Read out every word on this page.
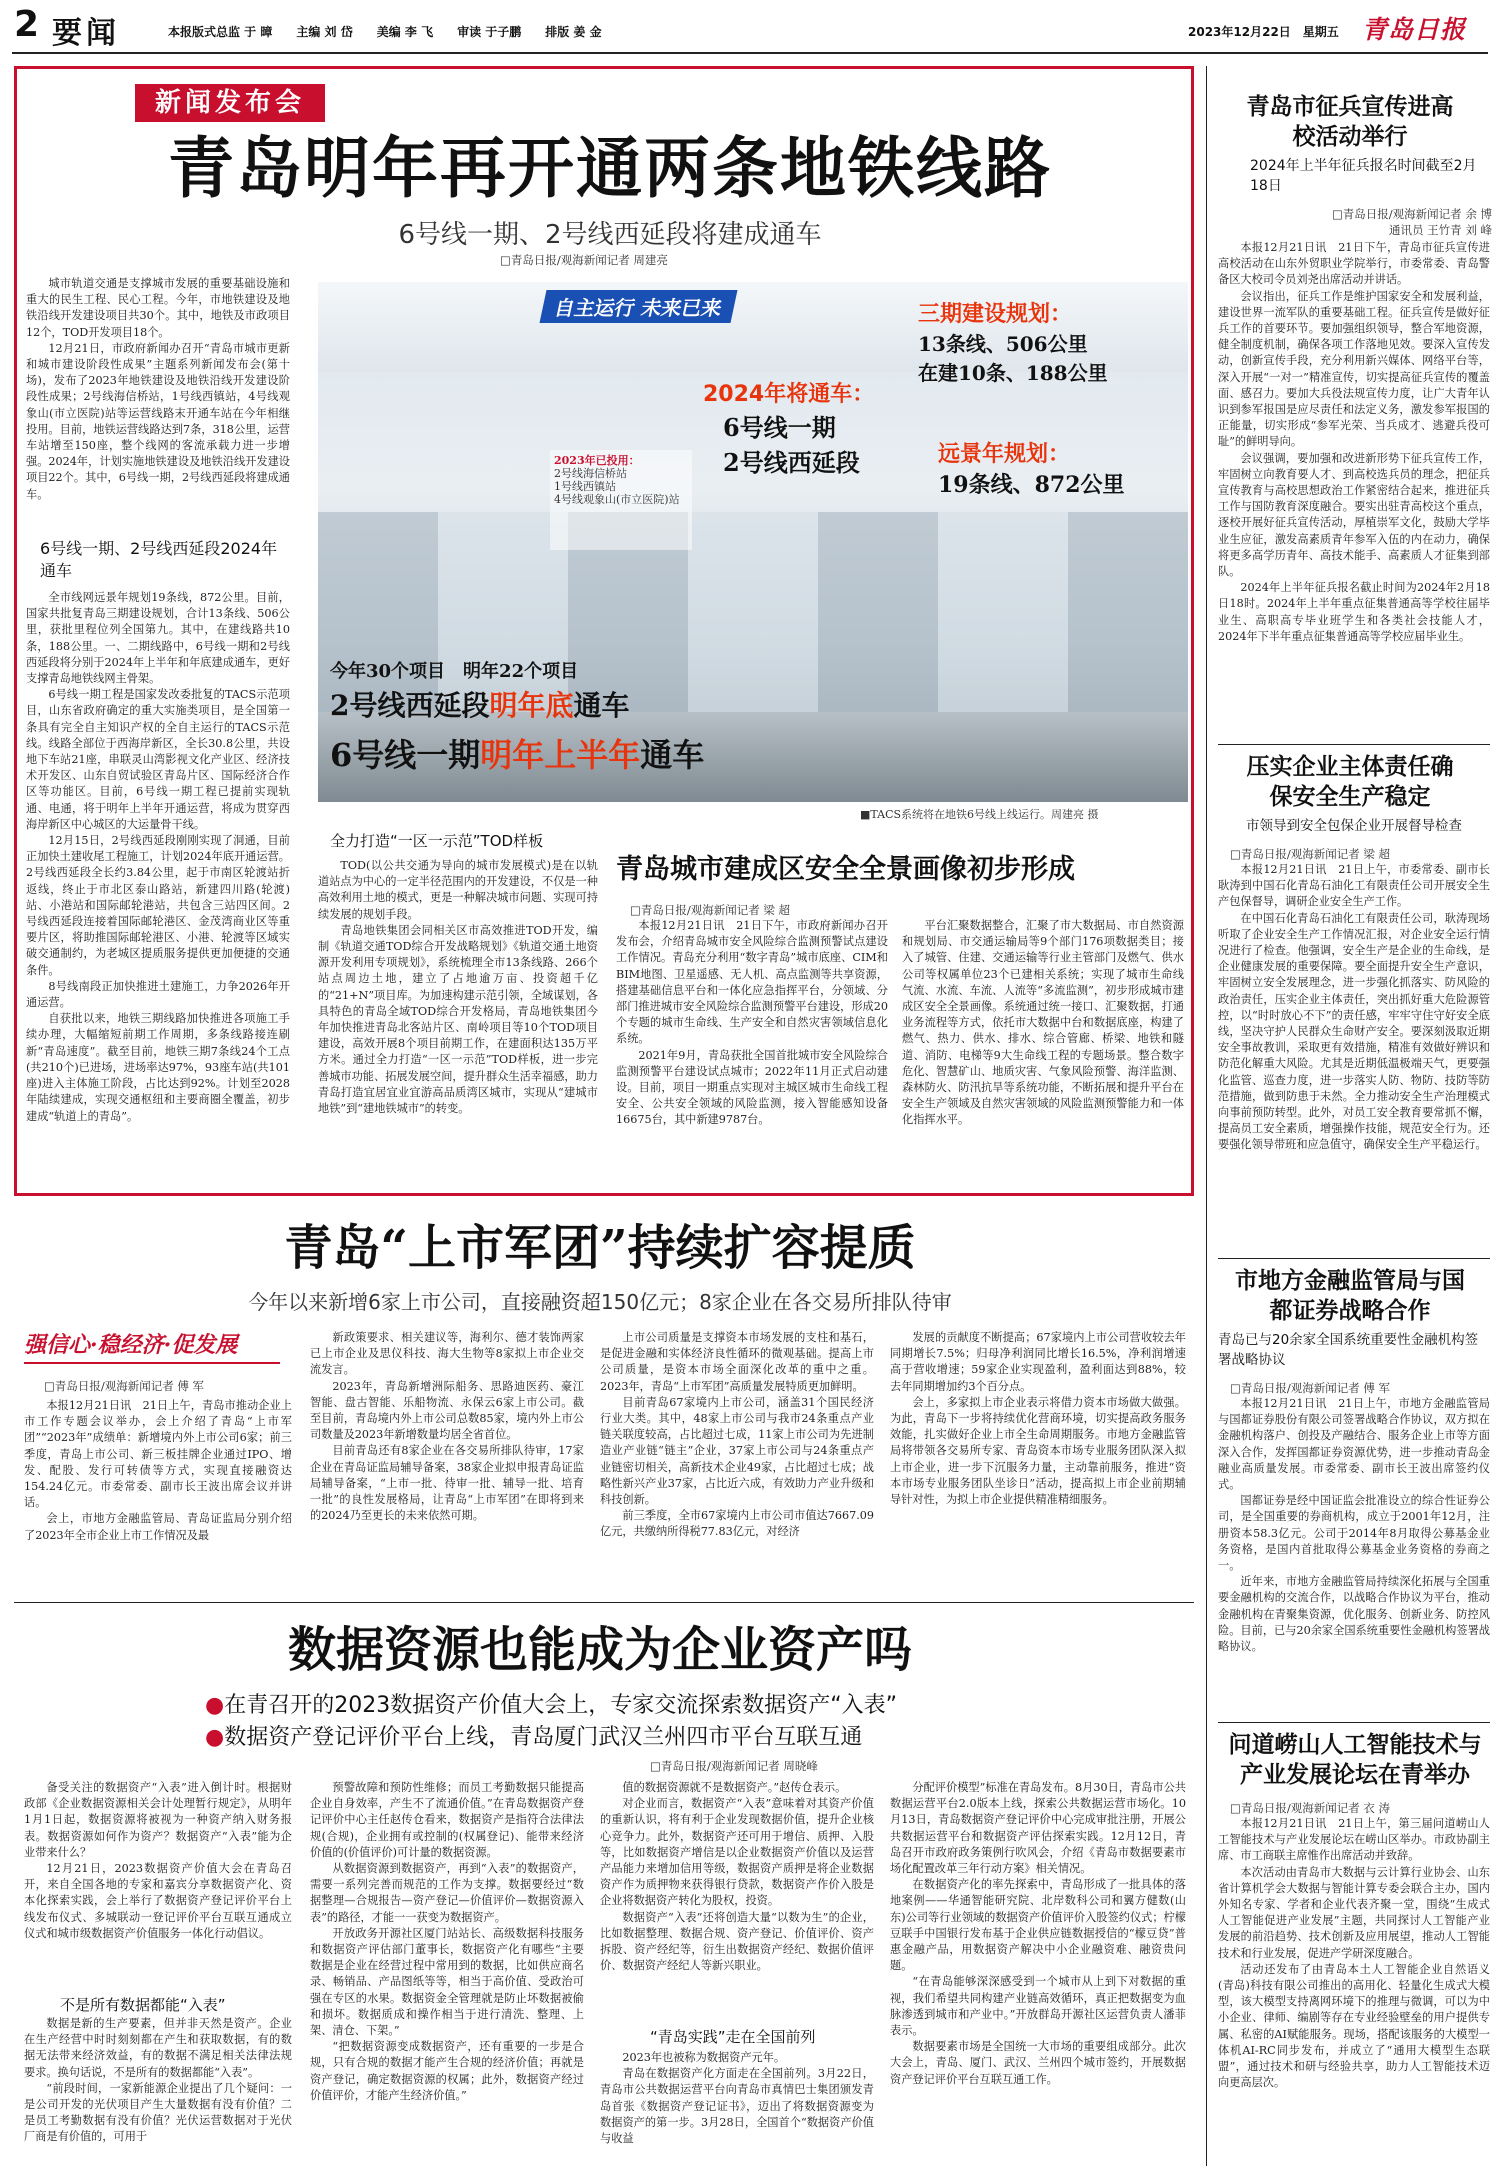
2 要闻	本报版式总监 于 暲　　主编 刘 岱　　美编 李 飞　　审读 于子鹏　　排版 姜 金	2023年12月22日　星期五 青岛日报
新闻发布会
青岛明年再开通两条地铁线路
6号线一期、2号线西延段将建成通车
□青岛日报/观海新闻记者 周建亮

城市轨道交通是支撑城市发展的重要基础设施和重大的民生工程、民心工程。今年，市地铁建设及地铁沿线开发建设项目共30个。其中，地铁及市政项目12个，TOD开发项目18个。

12月21日，市政府新闻办召开“青岛市城市更新和城市建设阶段性成果”主题系列新闻发布会(第十场)，发布了2023年地铁建设及地铁沿线开发建设阶段性成果；2号线海信桥站，1号线西镇站，4号线观象山(市立医院)站等运营线路末开通车站在今年相继投用。目前，地铁运营线路达到7条，318公里，运营车站增至150座，整个线网的客流承载力进一步增强。2024年，计划实施地铁建设及地铁沿线开发建设项目22个。其中，6号线一期，2号线西延段将建成通车。

6号线一期、2号线西延段2024年通车

全市线网远景年规划19条线，872公里。目前，国家共批复青岛三期建设规划，合计13条线、506公里，获批里程位列全国第九。其中，在建线路共10条，188公里。一、二期线路中，6号线一期和2号线西延段将分别于2024年上半年和年底建成通车，更好支撑青岛地铁线网主骨架。

6号线一期工程是国家发改委批复的TACS示范项目，山东省政府确定的重大实施类项目，是全国第一条具有完全自主知识产权的全自主运行的TACS示范线。线路全部位于西海岸新区，全长30.8公里，共设地下车站21座，串联灵山湾影视文化产业区、经济技术开发区、山东自贸试验区青岛片区、国际经济合作区等功能区。目前，6号线一期工程已提前实现轨通、电通，将于明年上半年开通运营，将成为贯穿西海岸新区中心城区的大运量骨干线。

12月15日，2号线西延段刚刚实现了洞通，目前正加快土建收尾工程施工，计划2024年底开通运营。2号线西延段全长约3.84公里，起于市南区轮渡站折返线，终止于市北区泰山路站，新建四川路(轮渡)站、小港站和国际邮轮港站，共包含三站四区间。2号线西延段连接着国际邮轮港区、金茂湾商业区等重要片区，将助推国际邮轮港区、小港、轮渡等区域实破交通制约，为老城区提质服务提供更加便捷的交通条件。

8号线南段正加快推进土建施工，力争2026年开通运营。

自获批以来，地铁三期线路加快推进各项施工手续办理，大幅缩短前期工作周期，多条线路接连刷新“青岛速度”。截至目前，地铁三期7条线24个工点(共210个)已进场，进场率达97%，93座车站(共101座)进入主体施工阶段，占比达到92%。计划至2028年陆续建成，实现交通枢纽和主要商圈全覆盖，初步建成“轨道上的青岛”。

自主运行 未来已来
2023年已投用：
2号线海信桥站
1号线西镇站
4号线观象山(市立医院)站
2024年将通车：
6号线一期
2号线西延段
三期建设规划：
13条线、506公里
在建10条、188公里
远景年规划：
19条线、872公里
今年30个项目　明年22个项目
2号线西延段明年底通车
6号线一期明年上半年通车
■TACS系统将在地铁6号线上线运行。周建亮 摄
全力打造“一区一示范”TOD样板

TOD(以公共交通为导向的城市发展模式)是在以轨道站点为中心的一定半径范围内的开发建设，不仅是一种高效利用土地的模式，更是一种解决城市问题、实现可持续发展的规划手段。

青岛地铁集团会同相关区市高效推进TOD开发，编制《轨道交通TOD综合开发战略规划》《轨道交通土地资源开发利用专项规划》，系统梳理全市13条线路、266个站点周边土地，建立了占地逾万亩、投资超千亿的“21+N”项目库。为加速构建示范引领，全域谋划，各具特色的青岛全域TOD综合开发格局，青岛地铁集团今年加快推进青岛北客站片区、南岭项目等10个TOD项目建设，高效开展8个项目前期工作，在建面积达135万平方米。通过全力打造“一区一示范”TOD样板，进一步完善城市功能、拓展发展空间，提升群众生活幸福感，助力青岛打造宜居宜业宜游高品质湾区城市，实现从“建城市地铁”到“建地铁城市”的转变。

青岛城市建成区安全全景画像初步形成
□青岛日报/观海新闻记者 梁 超

本报12月21日讯　21日下午，市政府新闻办召开发布会，介绍青岛城市安全风险综合监测预警试点建设工作情况。青岛充分利用“数字青岛”城市底座、CIM和BIM地图、卫星遥感、无人机、高点监测等共享资源，搭建基础信息平台和一体化应急指挥平台，分领域、分部门推进城市安全风险综合监测预警平台建设，形成20个专题的城市生命线、生产安全和自然灾害领域信息化系统。

2021年9月，青岛获批全国首批城市安全风险综合监测预警平台建设试点城市；2022年11月正式启动建设。目前，项目一期重点实现对主城区城市生命线工程安全、公共安全领域的风险监测，接入智能感知设备16675台，其中新建9787台。

平台汇聚数据整合，汇聚了市大数据局、市自然资源和规划局、市交通运输局等9个部门176项数据类目；接入了城管、住建、交通运输等行业主管部门及燃气、供水公司等权属单位23个已建相关系统；实现了城市生命线气流、水流、车流、人流等“多流监测”，初步形成城市建成区安全全景画像。系统通过统一接口、汇聚数据，打通业务流程等方式，依托市大数据中台和数据底座，构建了燃气、热力、供水、排水、综合管廊、桥梁、地铁和隧道、消防、电梯等9大生命线工程的专题场景。整合数字危化、智慧矿山、地质灾害、气象风险预警、海洋监测、森林防火、防汛抗旱等系统功能，不断拓展和提升平台在安全生产领域及自然灾害领域的风险监测预警能力和一体化指挥水平。

青岛“上市军团”持续扩容提质
今年以来新增6家上市公司，直接融资超150亿元；8家企业在各交易所排队待审
强信心·稳经济·促发展
□青岛日报/观海新闻记者 傅 军

本报12月21日讯　21日上午，青岛市推动企业上市工作专题会议举办，会上介绍了青岛“上市军团”“2023年”成绩单：新增境内外上市公司6家；前三季度，青岛上市公司、新三板挂牌企业通过IPO、增发、配股、发行可转债等方式，实现直接融资达154.24亿元。市委常委、副市长王波出席会议并讲话。

会上，市地方金融监管局、青岛证监局分别介绍了2023年全市企业上市工作情况及最

新政策要求、相关建议等，海利尔、德才装饰两家已上市企业及思仪科技、海大生物等8家拟上市企业交流发言。

2023年，青岛新增洲际船务、思路迪医药、豪江智能、盘古智能、乐船物流、永保云6家上市公司。截至目前，青岛境内外上市公司总数85家，境内外上市公司数量及2023年新增数量均居全省首位。

目前青岛还有8家企业在各交易所排队待审，17家企业在青岛证监局辅导备案，38家企业拟申报青岛证监局辅导备案，“上市一批、待审一批、辅导一批、培育一批”的良性发展格局，让青岛“上市军团”在即将到来的2024乃至更长的未来依然可期。

上市公司质量是支撑资本市场发展的支柱和基石，是促进金融和实体经济良性循环的微观基础。提高上市公司质量，是资本市场全面深化改革的重中之重。2023年，青岛“上市军团”高质量发展特质更加鲜明。

目前青岛67家境内上市公司，涵盖31个国民经济行业大类。其中，48家上市公司与我市24条重点产业链关联度较高，占比超过七成，11家上市公司为先进制造业产业链“链主”企业，37家上市公司与24条重点产业链密切相关，高新技术企业49家，占比超过七成；战略性新兴产业37家，占比近六成，有效助力产业升级和科技创新。

前三季度，全市67家境内上市公司市值达7667.09亿元，共缴纳所得税77.83亿元，对经济

发展的贡献度不断提高；67家境内上市公司营收较去年同期增长7.5%；归母净利润同比增长16.5%，净利润增速高于营收增速；59家企业实现盈利，盈利面达到88%，较去年同期增加约3个百分点。

会上，多家拟上市企业表示将借力资本市场做大做强。为此，青岛下一步将持续优化营商环境，切实提高政务服务效能，扎实做好企业上市全生命周期服务。市地方金融监管局将带领各交易所专家、青岛资本市场专业服务团队深入拟上市企业，进一步下沉服务力量，主动靠前服务，推进“资本市场专业服务团队坐诊日”活动，提高拟上市企业前期辅导针对性，为拟上市企业提供精准精细服务。

数据资源也能成为企业资产吗
●在青召开的2023数据资产价值大会上，专家交流探索数据资产“入表”
●数据资产登记评价平台上线，青岛厦门武汉兰州四市平台互联互通
□青岛日报/观海新闻记者 周晓峰

备受关注的数据资产“入表”进入倒计时。根据财政部《企业数据资源相关会计处理暂行规定》，从明年1月1日起，数据资源将被视为一种资产纳入财务报表。数据资源如何作为资产？数据资产“入表”能为企业带来什么？

12月21日，2023数据资产价值大会在青岛召开，来自全国各地的专家和嘉宾分享数据资产化、资本化探索实践，会上举行了数据资产登记评价平台上线发布仪式、多城联动一登记评价平台互联互通成立仪式和城市级数据资产价值服务一体化行动倡议。

不是所有数据都能“入表”

数据是新的生产要素，但并非天然是资产。企业在生产经营中时时刻刻都在产生和获取数据，有的数据无法带来经济效益，有的数据不满足相关法律法规要求。换句话说，不是所有的数据都能“入表”。

“前段时间，一家新能源企业提出了几个疑问：一是公司开发的光伏项目产生大量数据有没有价值？二是员工考勤数据有没有价值？光伏运营数据对于光伏厂商是有价值的，可用于

预警故障和预防性维修；而员工考勤数据只能提高企业自身效率，产生不了流通价值。”在青岛数据资产登记评价中心主任赵传仓看来，数据资产是指符合法律法规(合规)，企业拥有或控制的(权属登记)、能带来经济价值的(价值评价)可计量的数据资源。

从数据资源到数据资产，再到“入表”的数据资产，需要一系列完善而规范的工作为支撑。数据要经过“数据整理—合规报告—资产登记—价值评价—数据资源入表”的路径，才能一一获变为数据资产。

开放政务开源社区厦门站站长、高级数据科技服务和数据资产评估部门董事长，数据资产化有哪些“主要数据是企业在经营过程中常用到的数据，比如供应商名录、畅销品、产品图纸等等，相当于高价值、受政治可强在专区的水果。数据资金全管理就是防止坏数据被偷和损坏。数据质成和操作相当于进行清洗、整理、上架、清仓、下架。”

“把数据资源变成数据资产，还有重要的一步是合规，只有合规的数据才能产生合规的经济价值；再就是资产登记，确定数据资源的权属；此外，数据资产经过价值评价，才能产生经济价值。”

值的数据资源就不是数据资产。”赵传仓表示。

对企业而言，数据资产“入表”意味着对其资产价值的重新认识，将有利于企业发现数据价值，提升企业核心竞争力。此外，数据资产还可用于增信、质押、入股等，比如数据资产增信是以企业数据资产价值以及运营产品能力来增加信用等级，数据资产质押是将企业数据资产作为质押物来获得银行贷款，数据资产作价入股是企业将数据资产转化为股权，投资。

数据资产“入表”还将创造大量“以数为生”的企业，比如数据整理、数据合规、资产登记、价值评价、资产拆股、资产经纪等，衍生出数据资产经纪、数据价值评价、数据资产经纪人等新兴职业。

“青岛实践”走在全国前列

2023年也被称为数据资产元年。

青岛在数据资产化方面走在全国前列。3月22日，青岛市公共数据运营平台向青岛市真情巴士集团颁发青岛首张《数据资产登记证书》，迈出了将数据资源变为数据资产的第一步。3月28日，全国首个“数据资产价值与收益

分配评价模型”标准在青岛发布。8月30日，青岛市公共数据运营平台2.0版本上线，探索公共数据运营市场化。10月13日，青岛数据资产登记评价中心完成审批注册，开展公共数据运营平台和数据资产评估探索实践。12月12日，青岛召开市政府政务策例行吹风会，介绍《青岛市数据要素市场化配置改革三年行动方案》相关情况。

在数据资产化的率先探索中，青岛形成了一批具体的落地案例——华通智能研究院、北岸数科公司和翼方健数(山东)公司等行业领域的数据资产价值评价入股签约仪式；柠檬豆联手中国银行发布基于企业供应链数据授信的“檬豆贷”普惠金融产品，用数据资产解决中小企业融资难、融资贵问题。

“在青岛能够深深感受到一个城市从上到下对数据的重视，我们希望共同构建产业链高效循环，真正把数据变为血脉渗透到城市和产业中。”开放群岛开源社区运营负责人潘菲表示。

数据要素市场是全国统一大市场的重要组成部分。此次大会上，青岛、厦门、武汉、兰州四个城市签约，开展数据资产登记评价平台互联互通工作。

青岛市征兵宣传进高校活动举行
2024年上半年征兵报名时间截至2月18日
□青岛日报/观海新闻记者 余 博
通讯员 王竹青 刘 峰

本报12月21日讯　21日下午，青岛市征兵宣传进高校活动在山东外贸职业学院举行，市委常委、青岛警备区大校司令员刘尧出席活动并讲话。

会议指出，征兵工作是维护国家安全和发展利益，建设世界一流军队的重要基础工程。征兵宣传是做好征兵工作的首要环节。要加强组织领导，整合军地资源，健全制度机制，确保各项工作落地见效。要深入宣传发动，创新宣传手段，充分利用新兴媒体、网络平台等，深入开展“一对一”精准宣传，切实提高征兵宣传的覆盖面、感召力。要加大兵役法规宣传力度，让广大青年认识到参军报国是应尽责任和法定义务，激发参军报国的正能量，切实形成“参军光荣、当兵成才、逃避兵役可耻”的鲜明导向。

会议强调，要加强和改进新形势下征兵宣传工作，牢固树立向教育要人才、到高校选兵员的理念，把征兵宣传教育与高校思想政治工作紧密结合起来，推进征兵工作与国防教育深度融合。要实出驻青高校这个重点，逐校开展好征兵宣传活动，厚植崇军文化，鼓励大学毕业生应征，激发高素质青年参军入伍的内在动力，确保将更多高学历青年、高技术能手、高素质人才征集到部队。

2024年上半年征兵报名截止时间为2024年2月18日18时。2024年上半年重点征集普通高等学校往届毕业生、高职高专毕业班学生和各类社会技能人才，2024年下半年重点征集普通高等学校应届毕业生。

压实企业主体责任确保安全生产稳定
市领导到安全包保企业开展督导检查
□青岛日报/观海新闻记者 梁 超

本报12月21日讯　21日上午，市委常委、副市长耿涛到中国石化青岛石油化工有限责任公司开展安全生产包保督导，调研企业安全生产工作。

在中国石化青岛石油化工有限责任公司，耿涛现场听取了企业安全生产工作情况汇报，对企业安全运行情况进行了检查。他强调，安全生产是企业的生命线，是企业健康发展的重要保障。要全面提升安全生产意识，牢固树立安全发展理念，进一步强化抓落实、防风险的政治责任，压实企业主体责任，突出抓好重大危险源管控，以“时时放心不下”的责任感，牢牢守住守好安全底线，坚决守护人民群众生命财产安全。要深刻汲取近期安全事故教训，采取更有效措施，精准有效做好辨识和防范化解重大风险。尤其是近期低温极端天气，更要强化监管、巡查力度，进一步落实人防、物防、技防等防范措施，做到防患于未然。全力推动安全生产治理模式向事前预防转型。此外，对员工安全教育要常抓不懈，提高员工安全素质，增强操作技能，规范安全行为。还要强化领导带班和应急值守，确保安全生产平稳运行。

市地方金融监管局与国都证券战略合作
青岛已与20余家全国系统重要性金融机构签署战略协议
□青岛日报/观海新闻记者 傅 军

本报12月21日讯　21日上午，市地方金融监管局与国都证券股份有限公司签署战略合作协议，双方拟在金融机构落户、创投及产融结合、服务企业上市等方面深入合作，发挥国都证券资源优势，进一步推动青岛金融业高质量发展。市委常委、副市长王波出席签约仪式。

国都证券是经中国证监会批准设立的综合性证券公司，是全国重要的券商机构，成立于2001年12月，注册资本58.3亿元。公司于2014年8月取得公募基金业务资格，是国内首批取得公募基金业务资格的券商之一。

近年来，市地方金融监管局持续深化拓展与全国重要金融机构的交流合作，以战略合作协议为平台，推动金融机构在青聚集资源，优化服务、创新业务、防控风险。目前，已与20余家全国系统重要性金融机构签署战略协议。

问道崂山人工智能技术与产业发展论坛在青举办
□青岛日报/观海新闻记者 衣 涛

本报12月21日讯　21日上午，第三届问道崂山人工智能技术与产业发展论坛在崂山区举办。市政协副主席、市工商联主席惟作出席活动并致辞。

本次活动由青岛市大数据与云计算行业协会、山东省计算机学会大数据与智能计算专委会联合主办，国内外知名专家、学者和企业代表齐聚一堂，围绕“生成式人工智能促进产业发展”主题，共同探讨人工智能产业发展的前沿趋势、技术创新及应用展望，推动人工智能技术和行业发展，促进产学研深度融合。

活动还发布了由青岛本土人工智能企业自然语义(青岛)科技有限公司推出的高用化、轻量化生成式大模型，该大模型支持离网环境下的推理与微调，可以为中小企业、律师、编剧等存在专业经验壁垒的用户提供专属、私密的AI赋能服务。现场，搭配该服务的大模型一体机AI-RC同步发布，并成立了“通用大模型生态联盟”，通过技术和研与经验共享，助力人工智能技术迈向更高层次。
